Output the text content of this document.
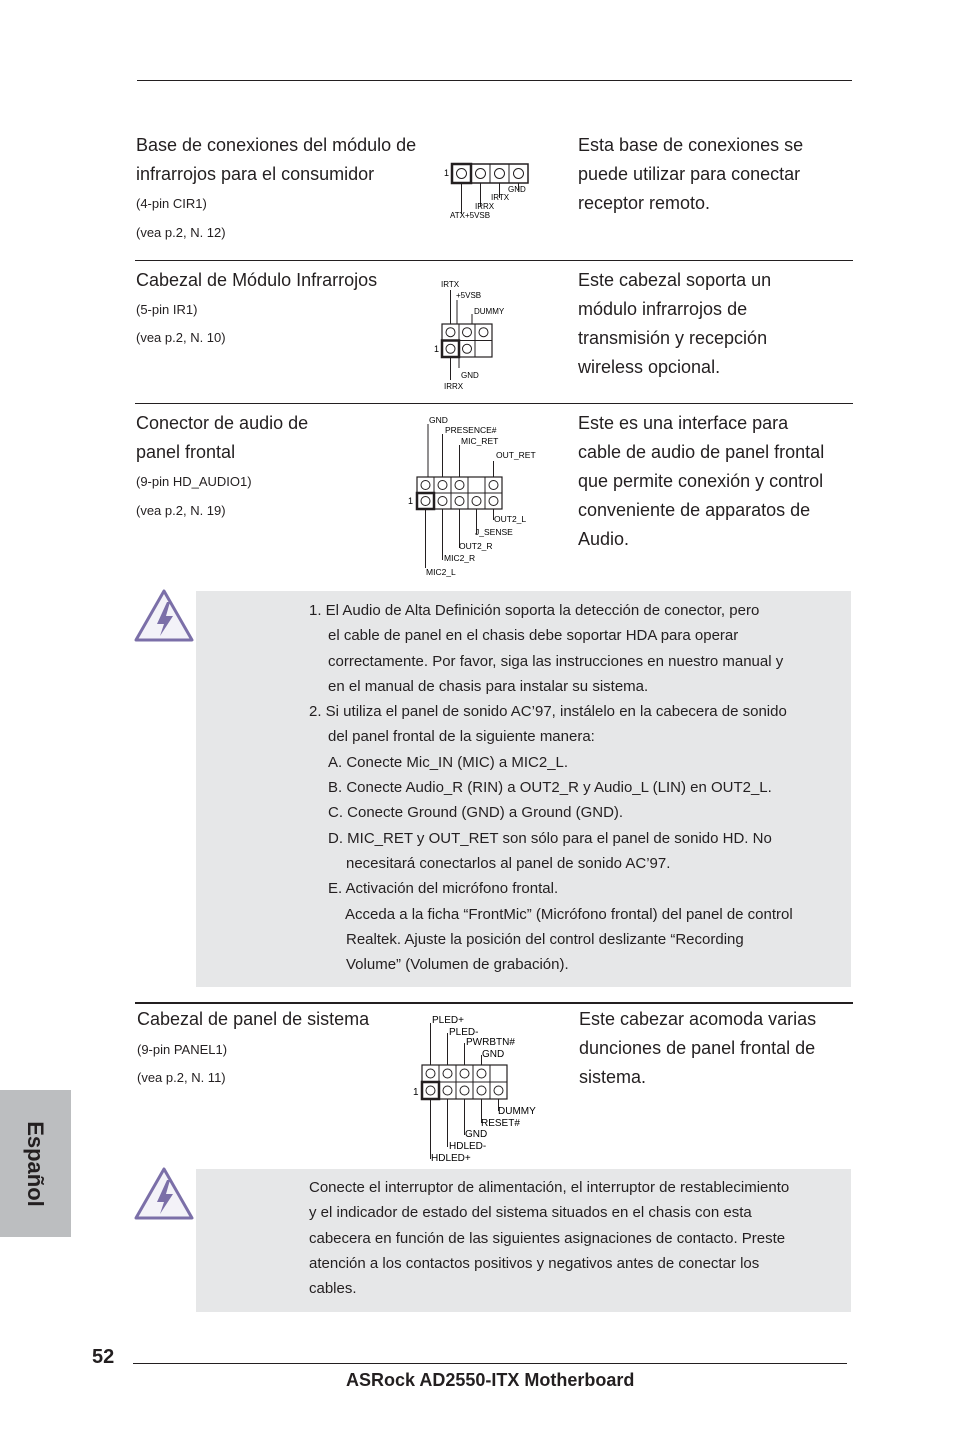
Base de conexiones del módulo de
infrarrojos para el consumidor
(4-pin CIR1)
(vea p.2, N. 12)
Esta base de conexiones se
puede utilizar para conectar
receptor remoto.
1
GND
IRTX
IRRX
ATX+5VSB
Cabezal de Módulo Infrarrojos
(5-pin IR1)
(vea p.2, N. 10)
Este cabezal soporta un
módulo infrarrojos de
transmisión y recepción
wireless opcional.
IRTX
+5VSB
DUMMY
1
GND
IRRX
Conector de audio de
panel frontal
(9-pin HD_AUDIO1)
(vea p.2, N. 19)
Este es una interface para
cable de audio de panel frontal
que permite conexión y control
conveniente de apparatos de
Audio.
GND
PRESENCE#
MIC_RET
OUT_RET
1
OUT2_L
J_SENSE
OUT2_R
MIC2_R
MIC2_L
1. El Audio de Alta Definición soporta la detección de conector, pero
el cable de panel en el chasis debe soportar HDA para operar
correctamente. Por favor, siga las instrucciones en nuestro manual y
en el manual de chasis para instalar su sistema.
2. Si utiliza el panel de sonido AC’97, instálelo en la cabecera de sonido
del panel frontal de la siguiente manera:
A. Conecte Mic_IN (MIC) a MIC2_L.
B. Conecte Audio_R (RIN) a OUT2_R y Audio_L (LIN) en OUT2_L.
C. Conecte Ground (GND) a Ground (GND).
D. MIC_RET y OUT_RET son sólo para el panel de sonido HD. No
necesitará conectarlos al panel de sonido AC’97.
E. Activación del micrófono frontal.
Acceda a la ficha “FrontMic” (Micrófono frontal) del panel de control
Realtek. Ajuste la posición del control deslizante “Recording
Volume” (Volumen de grabación).
Cabezal de panel de sistema
(9-pin PANEL1)
(vea p.2, N. 11)
Este cabezar acomoda varias
dunciones de panel frontal de
sistema.
PLED+
PLED-
PWRBTN#
GND
1
DUMMY
RESET#
GND
HDLED-
HDLED+
Conecte el interruptor de alimentación, el interruptor de restablecimiento
y el indicador de estado del sistema situados en el chasis con esta
cabecera en función de las siguientes asignaciones de contacto. Preste
atención a los contactos positivos y negativos antes de conectar los
cables.
Español
52
ASRock AD2550-ITX Motherboard
